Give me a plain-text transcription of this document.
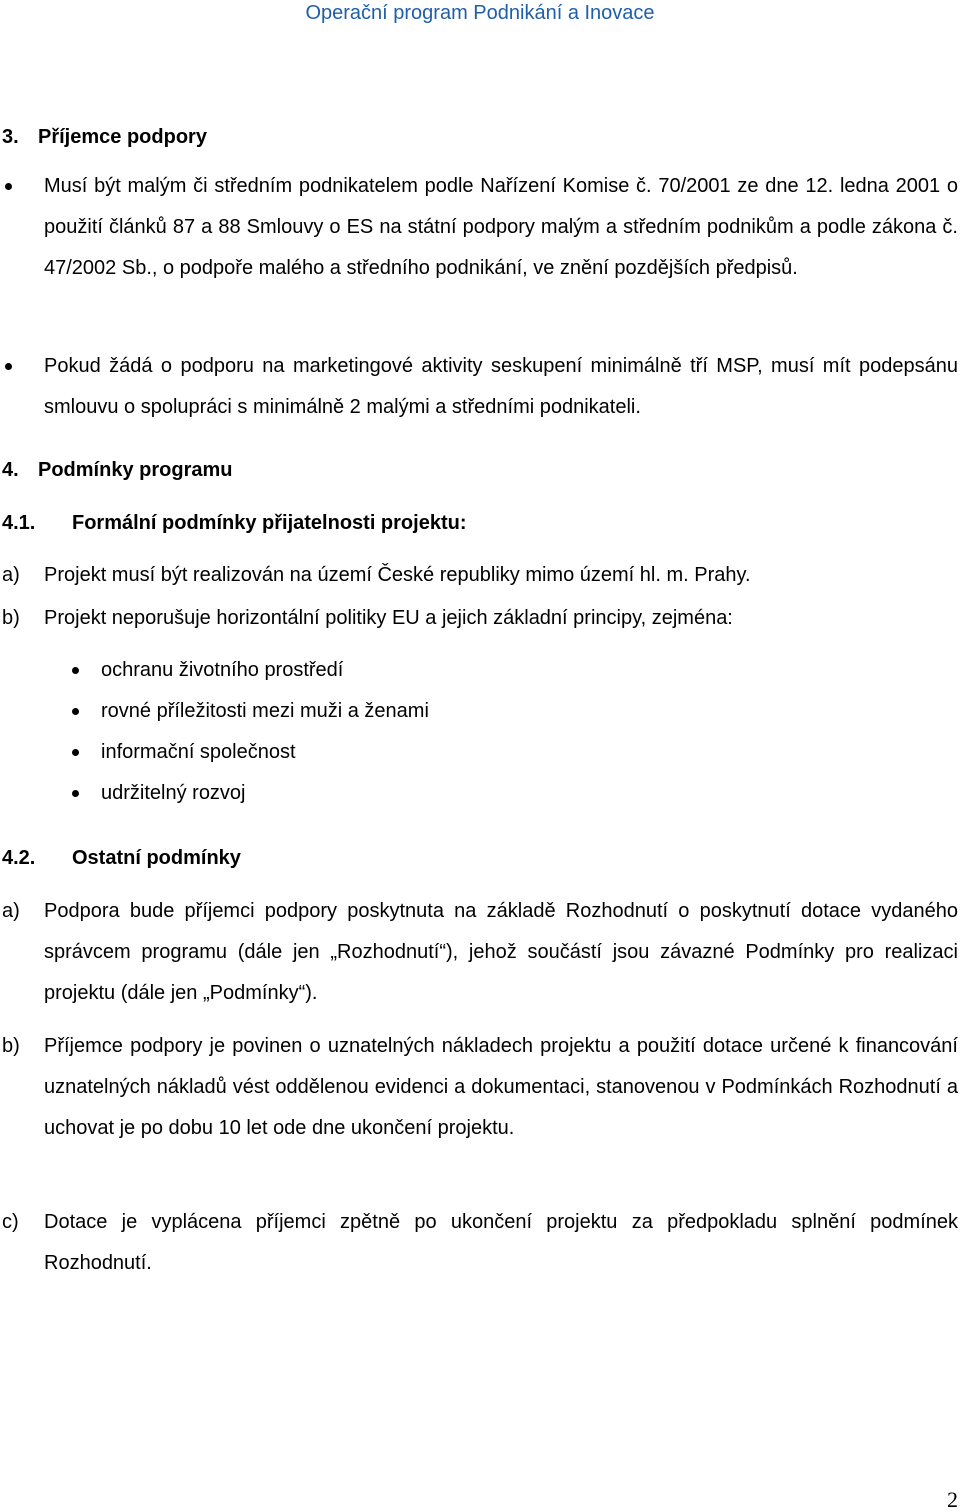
Operační program Podnikání a Inovace
3. Příjemce podpory
Musí být malým či středním podnikatelem podle Nařízení Komise č. 70/2001 ze dne 12. ledna 2001 o použití článků 87 a 88 Smlouvy o ES na státní podpory malým a středním podnikům a podle zákona č. 47/2002 Sb., o podpoře malého a středního podnikání, ve znění pozdějších předpisů.
Pokud žádá o podporu na marketingové aktivity seskupení minimálně tří MSP, musí mít podepsánu smlouvu o spolupráci s minimálně 2 malými a středními podnikateli.
4. Podmínky programu
4.1. Formální podmínky přijatelnosti projektu:
a) Projekt musí být realizován na území České republiky mimo území hl. m. Prahy.
b) Projekt neporušuje horizontální politiky EU a jejich základní principy, zejména:
ochranu životního prostředí
rovné příležitosti mezi muži a ženami
informační společnost
udržitelný rozvoj
4.2. Ostatní podmínky
a) Podpora bude příjemci podpory poskytnuta na základě Rozhodnutí o poskytnutí dotace vydaného správcem programu (dále jen „Rozhodnutí“), jehož součástí jsou závazné Podmínky pro realizaci projektu (dále jen „Podmínky“).
b) Příjemce podpory je povinen o uznatelných nákladech projektu a použití dotace určené k financování uznatelných nákladů vést oddělenou evidenci a dokumentaci, stanovenou v Podmínkách Rozhodnutí a uchovat je po dobu 10 let ode dne ukončení projektu.
c) Dotace je vyplácena příjemci zpětně po ukončení projektu za předpokladu splnění podmínek Rozhodnutí.
2
